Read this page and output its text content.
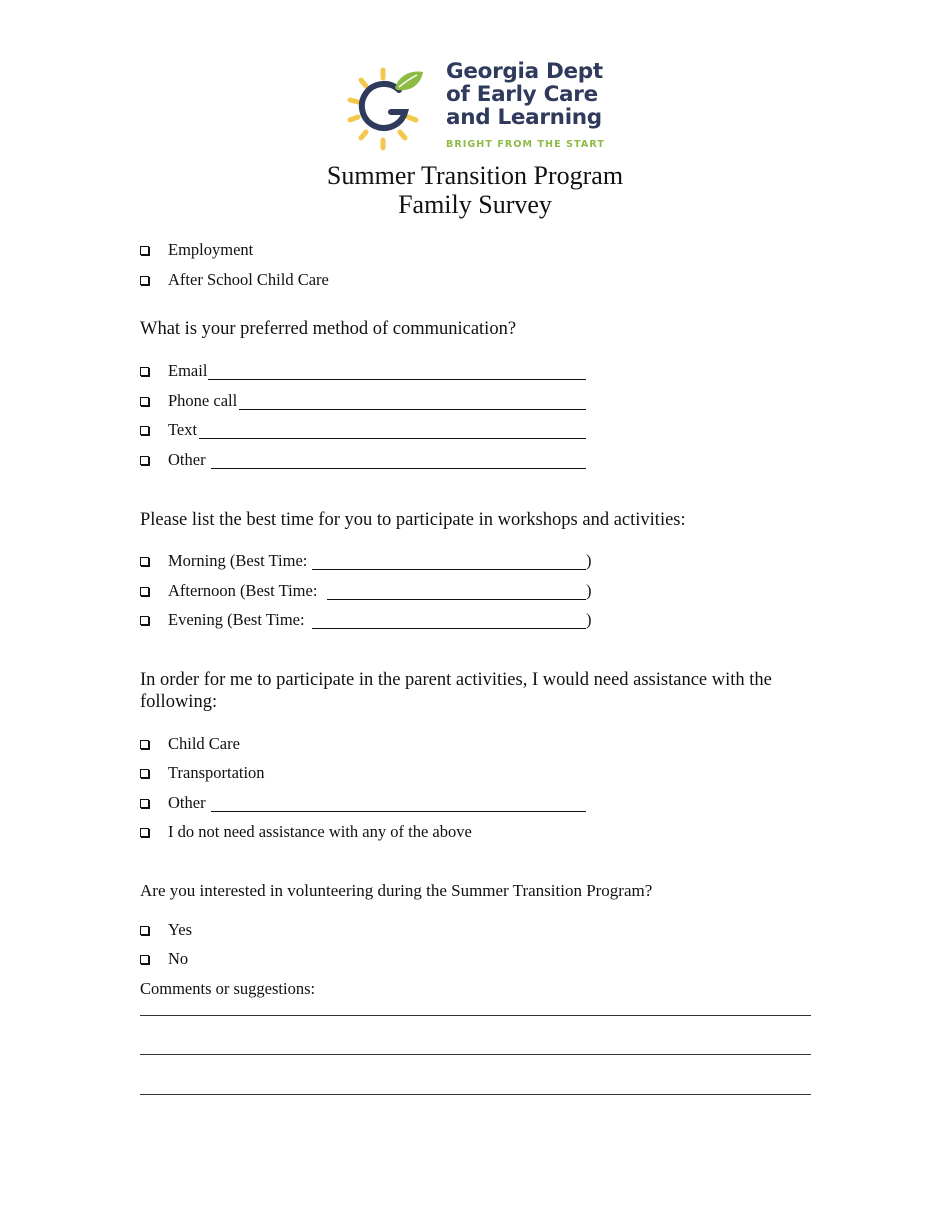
Georgia Dept
of Early Care
and Learning
BRIGHT FROM THE START
Summer Transition Program
Family Survey
Employment
After School Child Care
What is your preferred method of communication?
Email
Phone call
Text
Other
Please list the best time for you to participate in workshops and activities:
Morning (Best Time:	)
Afternoon (Best Time:	)
Evening (Best Time:	)
In order for me to participate in the parent activities, I would need assistance with the following:
Child Care
Transportation
Other
I do not need assistance with any of the above
Are you interested in volunteering during the Summer Transition Program?
Yes
No
Comments or suggestions:
